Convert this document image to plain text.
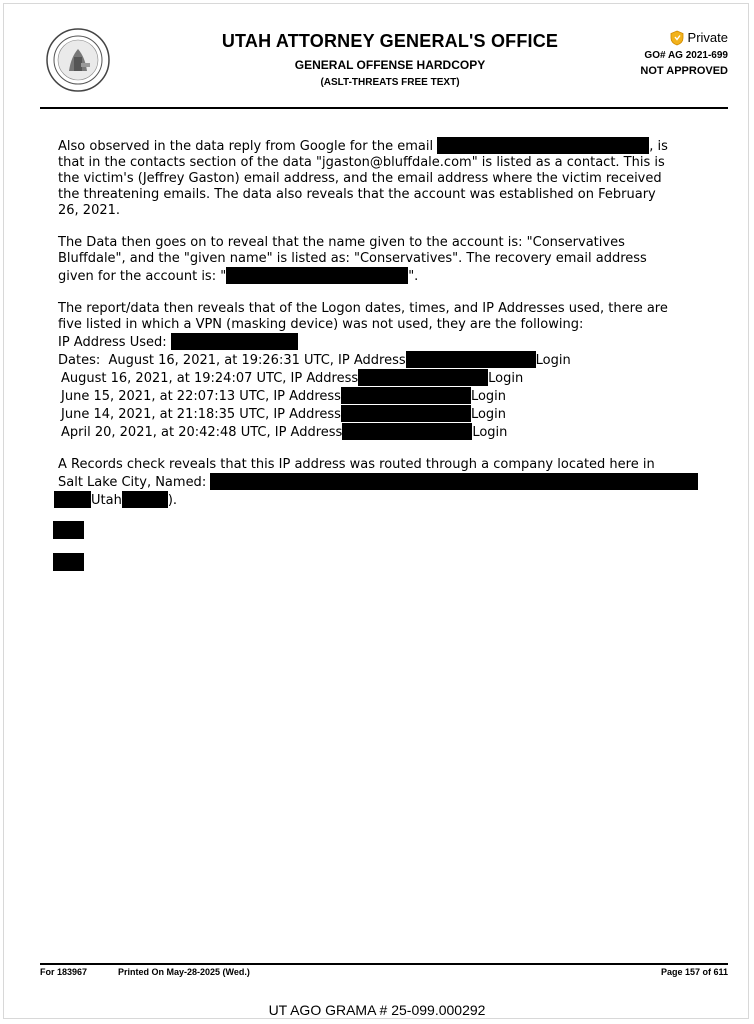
UTAH ATTORNEY GENERAL'S OFFICE
GENERAL OFFENSE HARDCOPY
(ASLT-THREATS FREE TEXT)
Private
GO# AG 2021-699
NOT APPROVED
Also observed in the data reply from Google for the email	, is
that in the contacts section of the data "jgaston@bluffdale.com" is listed as a contact. This is
the victim's (Jeffrey Gaston) email address, and the email address where the victim received
the threatening emails. The data also reveals that the account was established on February
26, 2021.
The Data then goes on to reveal that the name given to the account is: "Conservatives
Bluffdale", and the "given name" is listed as: "Conservatives". The recovery email address
given for the account is: "	".
The report/data then reveals that of the Logon dates, times, and IP Addresses used, there are
five listed in which a VPN (masking device) was not used, they are the following:
IP Address Used:
Dates: August 16, 2021, at 19:26:31 UTC, IP Address	Login
August 16, 2021, at 19:24:07 UTC, IP Address	Login
June 15, 2021, at 22:07:13 UTC, IP Address	Login
June 14, 2021, at 21:18:35 UTC, IP Address	Login
April 20, 2021, at 20:42:48 UTC, IP Address	Login
A Records check reveals that this IP address was routed through a company located here in
Salt Lake City, Named:
Utah	).
For 183967	Printed On May-28-2025 (Wed.)	Page 157 of 611
UT AGO GRAMA # 25-099.000292
